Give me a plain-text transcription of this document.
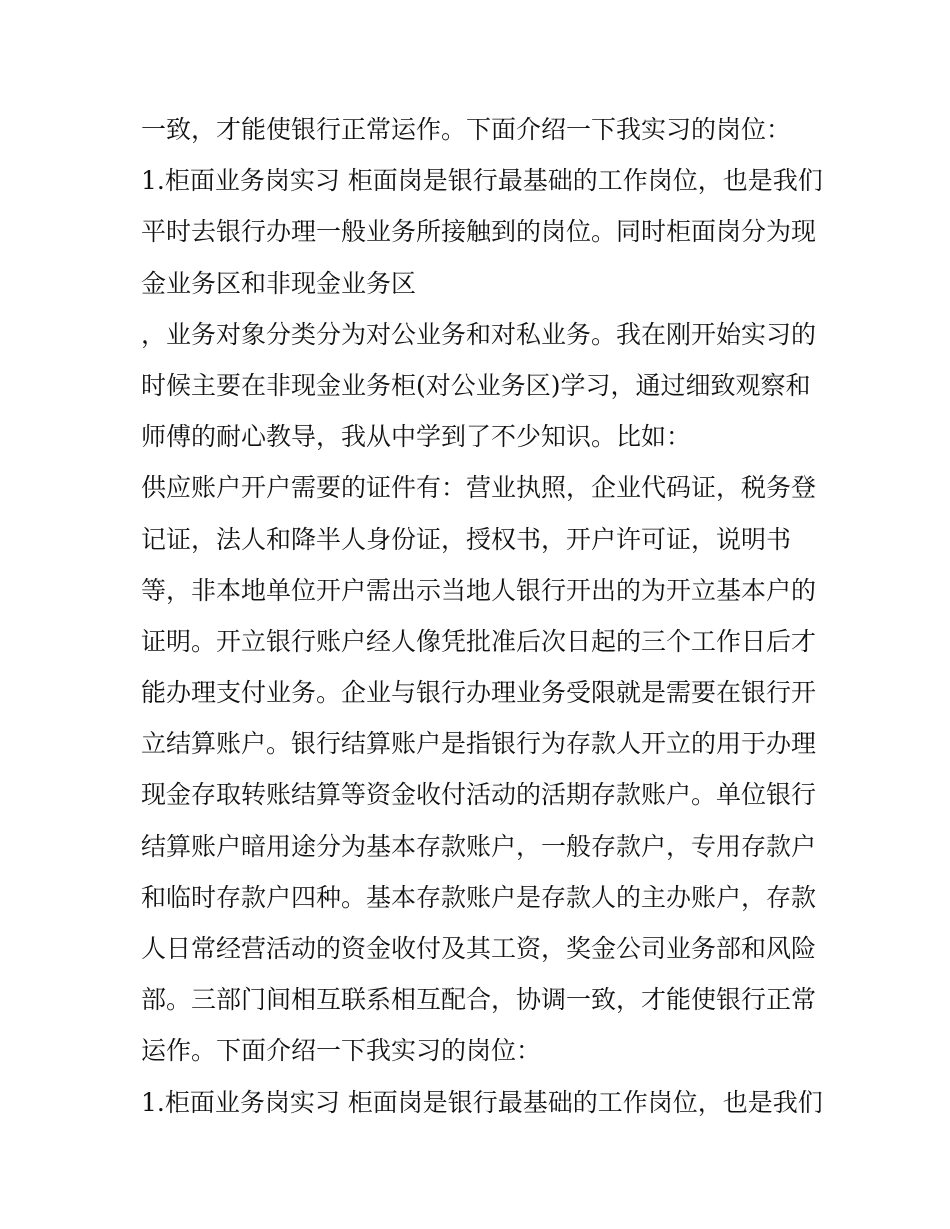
一致，才能使银行正常运作。下面介绍一下我实习的岗位：
1.柜面业务岗实习 柜面岗是银行最基础的工作岗位，也是我们
平时去银行办理一般业务所接触到的岗位。同时柜面岗分为现
金业务区和非现金业务区
，业务对象分类分为对公业务和对私业务。我在刚开始实习的
时候主要在非现金业务柜(对公业务区)学习，通过细致观察和
师傅的耐心教导，我从中学到了不少知识。比如：
供应账户开户需要的证件有：营业执照，企业代码证，税务登
记证，法人和降半人身份证，授权书，开户许可证，说明书
等，非本地单位开户需出示当地人银行开出的为开立基本户的
证明。开立银行账户经人像凭批准后次日起的三个工作日后才
能办理支付业务。企业与银行办理业务受限就是需要在银行开
立结算账户。银行结算账户是指银行为存款人开立的用于办理
现金存取转账结算等资金收付活动的活期存款账户。单位银行
结算账户暗用途分为基本存款账户，一般存款户，专用存款户
和临时存款户四种。基本存款账户是存款人的主办账户，存款
人日常经营活动的资金收付及其工资，奖金公司业务部和风险
部。三部门间相互联系相互配合，协调一致，才能使银行正常
运作。下面介绍一下我实习的岗位：
1.柜面业务岗实习 柜面岗是银行最基础的工作岗位，也是我们
